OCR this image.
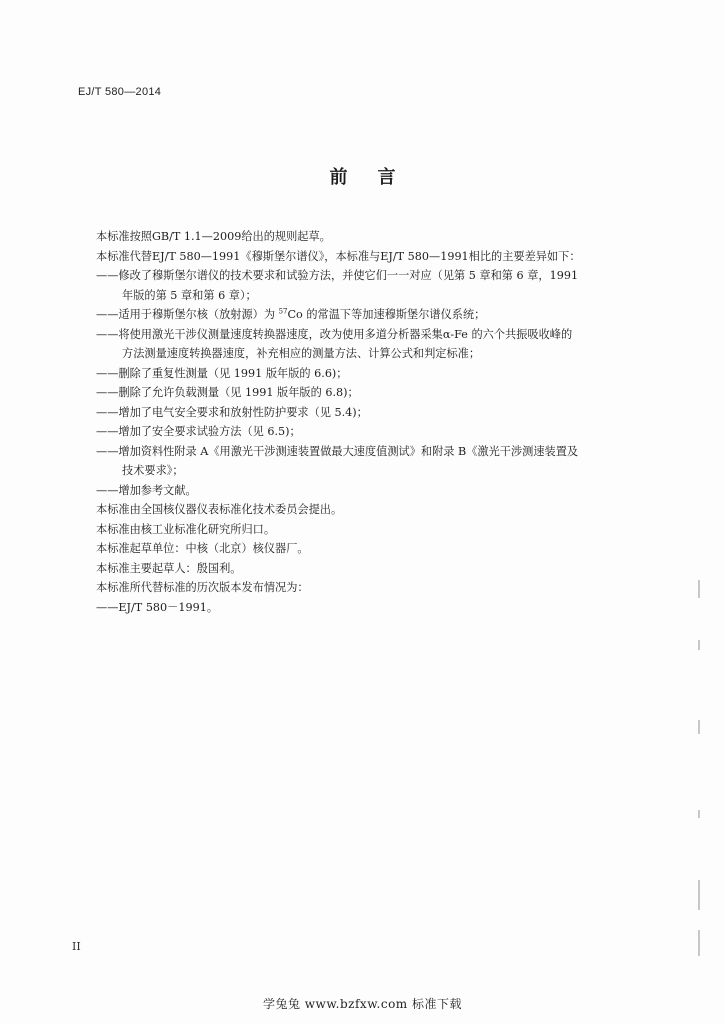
EJ/T 580—2014
前言
本标准按照GB/T 1.1—2009给出的规则起草。
本标准代替EJ/T 580—1991《穆斯堡尔谱仪》，本标准与EJ/T 580—1991相比的主要差异如下：
——修改了穆斯堡尔谱仪的技术要求和试验方法，并使它们一一对应（见第 5 章和第 6 章，1991
年版的第 5 章和第 6 章）；
——适用于穆斯堡尔核（放射源）为 $^{57}$Co 的常温下等加速穆斯堡尔谱仪系统；
——将使用激光干涉仪测量速度转换器速度，改为使用多道分析器采集α-Fe 的六个共振吸收峰的
方法测量速度转换器速度，补充相应的测量方法、计算公式和判定标准；
——删除了重复性测量（见 1991 版年版的 6.6)；
——删除了允许负载测量（见 1991 版年版的 6.8)；
——增加了电气安全要求和放射性防护要求（见 5.4)；
——增加了安全要求试验方法（见 6.5)；
——增加资料性附录 A《用激光干涉测速装置做最大速度值测试》和附录 B《激光干涉测速装置及
技术要求》；
——增加参考文献。
本标准由全国核仪器仪表标准化技术委员会提出。
本标准由核工业标准化研究所归口。
本标准起草单位：中核（北京）核仪器厂。
本标准主要起草人：殷国利。
本标准所代替标准的历次版本发布情况为：
——EJ/T 580－1991。
II
学兔兔 www.bzfxw.com 标准下载
